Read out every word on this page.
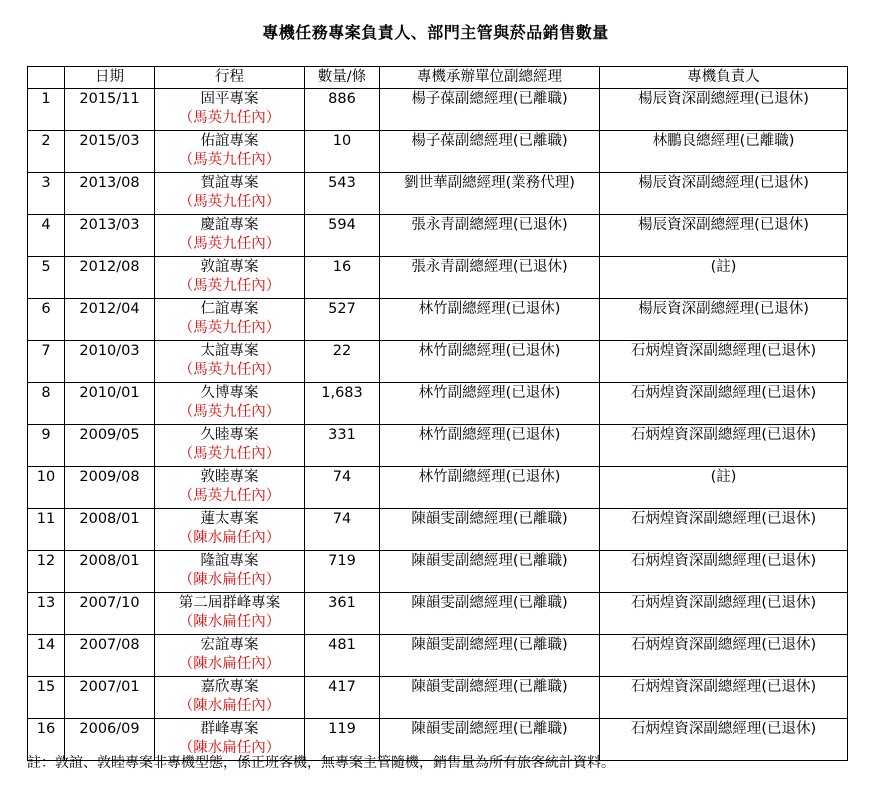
專機任務專案負責人、部門主管與菸品銷售數量
	日期	行程	數量/條	專機承辦單位副總經理	專機負責人
1	2015/11	固平專案
（馬英九任內）	886	楊子葆副總經理(已離職)	楊辰資深副總經理(已退休)
2	2015/03	佑誼專案
（馬英九任內）	10	楊子葆副總經理(已離職)	林鵬良總經理(已離職)
3	2013/08	賀誼專案
（馬英九任內）	543	劉世華副總經理(業務代理)	楊辰資深副總經理(已退休)
4	2013/03	慶誼專案
（馬英九任內）	594	張永青副總經理(已退休)	楊辰資深副總經理(已退休)
5	2012/08	敦誼專案
（馬英九任內）	16	張永青副總經理(已退休)	(註)
6	2012/04	仁誼專案
（馬英九任內）	527	林竹副總經理(已退休)	楊辰資深副總經理(已退休)
7	2010/03	太誼專案
（馬英九任內）	22	林竹副總經理(已退休)	石炳煌資深副總經理(已退休)
8	2010/01	久博專案
（馬英九任內）	1,683	林竹副總經理(已退休)	石炳煌資深副總經理(已退休)
9	2009/05	久睦專案
（馬英九任內）	331	林竹副總經理(已退休)	石炳煌資深副總經理(已退休)
10	2009/08	敦睦專案
（馬英九任內）	74	林竹副總經理(已退休)	(註)
11	2008/01	蓮太專案
（陳水扁任內）	74	陳韻雯副總經理(已離職)	石炳煌資深副總經理(已退休)
12	2008/01	隆誼專案
（陳水扁任內）	719	陳韻雯副總經理(已離職)	石炳煌資深副總經理(已退休)
13	2007/10	第二屆群峰專案
（陳水扁任內）	361	陳韻雯副總經理(已離職)	石炳煌資深副總經理(已退休)
14	2007/08	宏誼專案
（陳水扁任內）	481	陳韻雯副總經理(已離職)	石炳煌資深副總經理(已退休)
15	2007/01	嘉欣專案
（陳水扁任內）	417	陳韻雯副總經理(已離職)	石炳煌資深副總經理(已退休)
16	2006/09	群峰專案
（陳水扁任內）	119	陳韻雯副總經理(已離職)	石炳煌資深副總經理(已退休)
註：敦誼、敦睦專案非專機型態，係正班客機，無專案主管隨機，銷售量為所有旅客統計資料。
